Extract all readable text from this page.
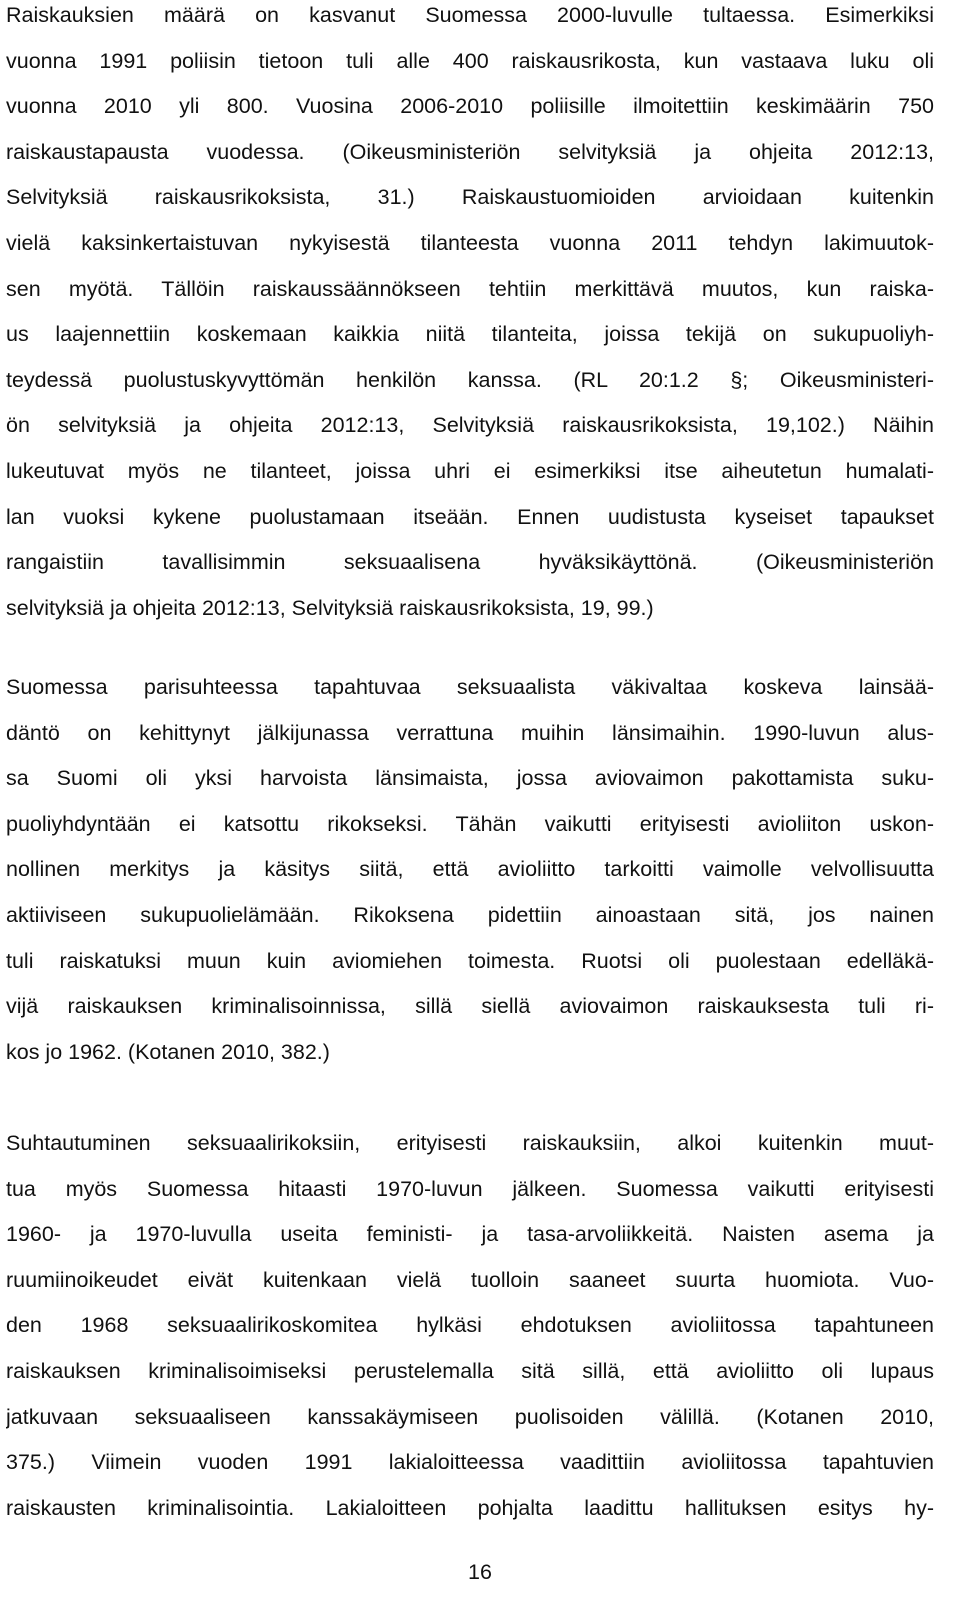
Raiskauksien määrä on kasvanut Suomessa 2000-luvulle tultaessa. Esimerkiksi
vuonna 1991 poliisin tietoon tuli alle 400 raiskausrikosta, kun vastaava luku oli
vuonna 2010 yli 800. Vuosina 2006-2010 poliisille ilmoitettiin keskimäärin 750
raiskaustapausta vuodessa. (Oikeusministeriön selvityksiä ja ohjeita 2012:13,
Selvityksiä raiskausrikoksista, 31.) Raiskaustuomioiden arvioidaan kuitenkin
vielä kaksinkertaistuvan nykyisestä tilanteesta vuonna 2011 tehdyn lakimuutok-
sen myötä. Tällöin raiskaussäännökseen tehtiin merkittävä muutos, kun raiska-
us laajennettiin koskemaan kaikkia niitä tilanteita, joissa tekijä on sukupuoliyh-
teydessä puolustuskyvyttömän henkilön kanssa. (RL 20:1.2 §; Oikeusministeri-
ön selvityksiä ja ohjeita 2012:13, Selvityksiä raiskausrikoksista, 19,102.) Näihin
lukeutuvat myös ne tilanteet, joissa uhri ei esimerkiksi itse aiheutetun humalati-
lan vuoksi kykene puolustamaan itseään. Ennen uudistusta kyseiset tapaukset
rangaistiin tavallisimmin seksuaalisena hyväksikäyttönä. (Oikeusministeriön
selvityksiä ja ohjeita 2012:13, Selvityksiä raiskausrikoksista, 19, 99.)
Suomessa parisuhteessa tapahtuvaa seksuaalista väkivaltaa koskeva lainsää-
däntö on kehittynyt jälkijunassa verrattuna muihin länsimaihin. 1990-luvun alus-
sa Suomi oli yksi harvoista länsimaista, jossa aviovaimon pakottamista suku-
puoliyhdyntään ei katsottu rikokseksi. Tähän vaikutti erityisesti avioliiton uskon-
nollinen merkitys ja käsitys siitä, että avioliitto tarkoitti vaimolle velvollisuutta
aktiiviseen sukupuolielämään. Rikoksena pidettiin ainoastaan sitä, jos nainen
tuli raiskatuksi muun kuin aviomiehen toimesta. Ruotsi oli puolestaan edelläkä-
vijä raiskauksen kriminalisoinnissa, sillä siellä aviovaimon raiskauksesta tuli ri-
kos jo 1962. (Kotanen 2010, 382.)
Suhtautuminen seksuaalirikoksiin, erityisesti raiskauksiin, alkoi kuitenkin muut-
tua myös Suomessa hitaasti 1970-luvun jälkeen. Suomessa vaikutti erityisesti
1960- ja 1970-luvulla useita feministi- ja tasa-arvoliikkeitä. Naisten asema ja
ruumiinoikeudet eivät kuitenkaan vielä tuolloin saaneet suurta huomiota. Vuo-
den 1968 seksuaalirikoskomitea hylkäsi ehdotuksen avioliitossa tapahtuneen
raiskauksen kriminalisoimiseksi perustelemalla sitä sillä, että avioliitto oli lupaus
jatkuvaan seksuaaliseen kanssakäymiseen puolisoiden välillä. (Kotanen 2010,
375.) Viimein vuoden 1991 lakialoitteessa vaadittiin avioliitossa tapahtuvien
raiskausten kriminalisointia. Lakialoitteen pohjalta laadittu hallituksen esitys hy-
16
